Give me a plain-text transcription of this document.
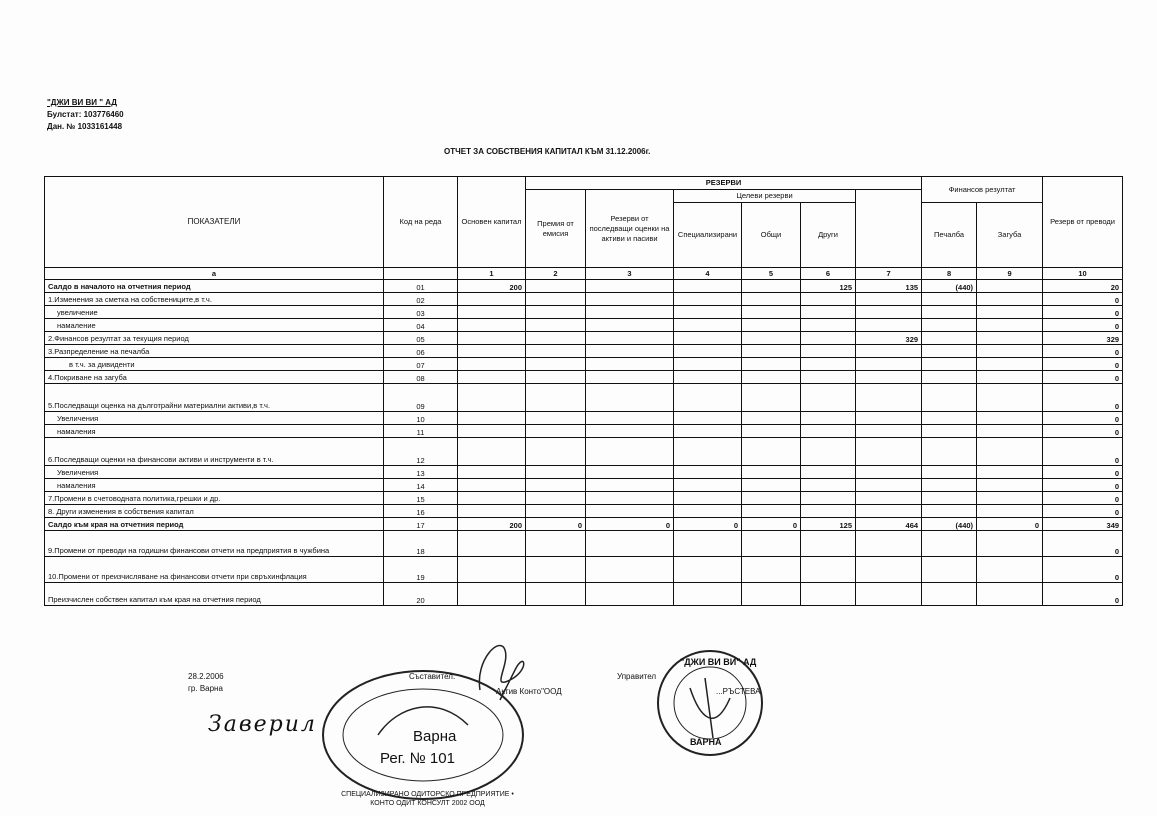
"ДЖИ ВИ ВИ " АД
Булстат: 103776460
Дан. № 1033161448
ОТЧЕТ ЗА СОБСТВЕНИЯ КАПИТАЛ КЪМ 31.12.2006г.
ПОКАЗАТЕЛИ	Код на реда	Основен капитал	РЕЗЕРВИ						Финансов резултат		Резерв от преводи	
			Премия от емисия	Резерви от последващи оценки на активи и пасиви	Целеви резерви							
					Специализирани	Общи	Други		Печалба	Загуба		

а		1	2	3	4	5	6	7	8	9	10	
Салдо в началото на отчетния период	01	200					125	135	(440)		20	
1.Изменения за сметка на собствениците,в т.ч.	02										0	
увеличение	03										0	
намаление	04										0	
2.Финансов резултат за текущия период	05							329			329	
3.Разпределение на печалба	06										0	
в т.ч. за дивиденти	07										0	
4.Покриване на загуба	08										0	
5.Последващи оценка на дълготрайни материални активи,в т.ч.	09										0	
Увеличения	10										0	
намаления	11										0	
6.Последващи оценки на финансови активи и инструменти в т.ч.	12										0	
Увеличения	13										0	
намаления	14										0	
7.Промени в счетоводната политика,грешки и др.	15										0	
8. Други изменения в собствения капитал	16										0	
Салдо към края на отчетния период	17	200	0	0	0	0	125	464	(440)	0	349	
9.Промени от преводи на годишни финансови отчети на предприятия в чужбина	18										0	
10.Промени от преизчисляване на финансови отчети при свръхинфлация	19										0	
Преизчислен собствен капитал към края на отчетния период	20										0	
28.2.2006
гр. Варна
Съставител:
Актив Конто"ООД
Управител
...РЪСТЕВА
Заверил
СПЕЦИАЛИЗИРАНО ОДИТОРСКО ПРЕДПРИЯТИЕ • КОНТО ОДИТ КОНСУЛТ 2002 ООД
Варна
Рег. № 101
"ДЖИ ВИ ВИ" АД
ВАРНА
